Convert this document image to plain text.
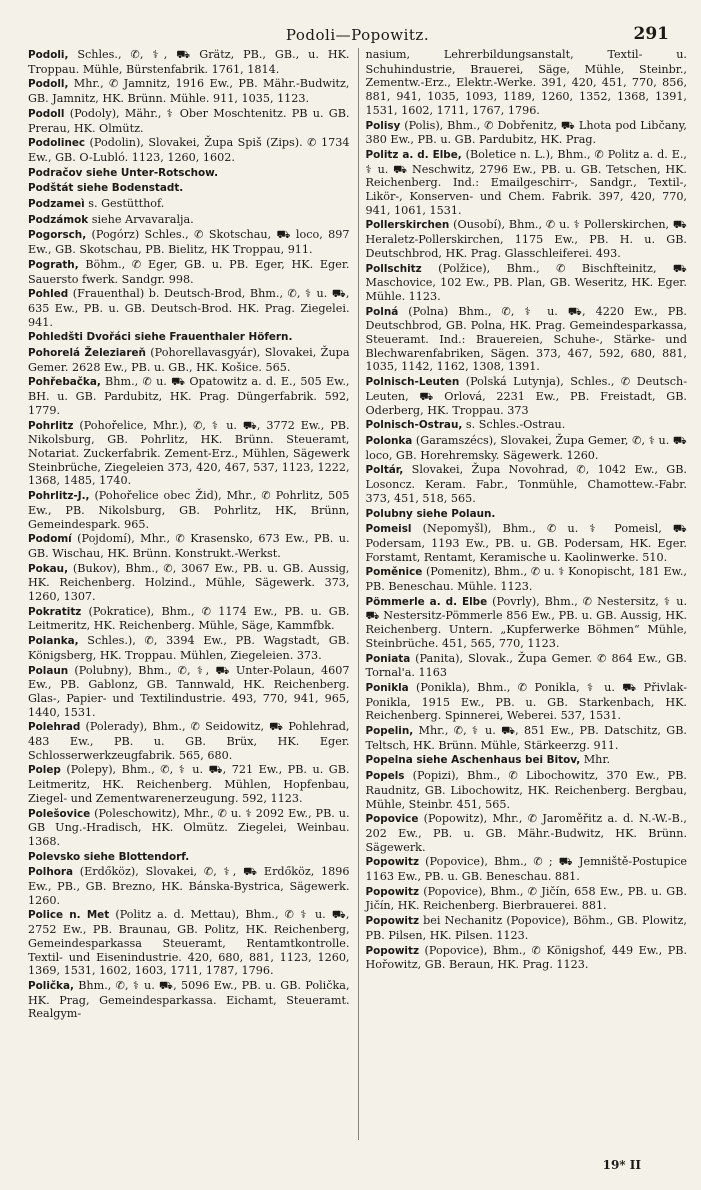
Podoli—Popowitz.	291

Podoli, Schles., ✆, ⚕, ⛟ Grätz, PB., GB., u. HK. Troppau. Mühle, Bürstenfabrik. 1761, 1814.

Podoll, Mhr., ✆ Jamnitz, 1916 Ew., PB. Mähr.-Budwitz, GB. Jamnitz, HK. Brünn. Mühle. 911, 1035, 1123.

Podoll (Podoly), Mähr., ⚕ Ober Moschtenitz. PB u. GB. Prerau, HK. Olmütz.

Podolinec (Podolin), Slovakei, Župa Spiš (Zips). ✆ 1734 Ew., GB. O-Lubló. 1123, 1260, 1602.

Podračov siehe Unter-Rotschow.

Podštát siehe Bodenstadt.

Podzameì s. Gestütthof.

Podzámok siehe Arvavaralja.

Pogorsch, (Pogórz) Schles., ✆ Skotschau, ⛟ loco, 897 Ew., GB. Skotschau, PB. Bielitz, HK Troppau, 911.

Pograth, Böhm., ✆ Eger, GB. u. PB. Eger, HK. Eger. Sauersto fwerk. Sandgr. 998.

Pohled (Frauenthal) b. Deutsch-Brod, Bhm., ✆, ⚕ u. ⛟, 635 Ew., PB. u. GB. Deutsch-Brod. HK. Prag. Ziegelei. 941.

Pohledšti Dvořáci siehe Frauenthaler Höfern.

Pohorelá Železiareň (Pohorellavasgyár), Slovakei, Župa Gemer. 2628 Ew., PB. u. GB., HK. Košice. 565.

Pohřebačka, Bhm., ✆ u. ⛟ Opatowitz a. d. E., 505 Ew., BH. u. GB. Pardubitz, HK. Prag. Düngerfabrik. 592, 1779.

Pohrlitz (Pohořelice, Mhr.), ✆, ⚕ u. ⛟, 3772 Ew., PB. Nikolsburg, GB. Pohrlitz, HK. Brünn. Steueramt, Notariat. Zuckerfabrik. Zement-Erz., Mühlen, Sägewerk Steinbrüche, Ziegeleien 373, 420, 467, 537, 1123, 1222, 1368, 1485, 1740.

Pohrlitz-J., (Pohořelice obec Žid), Mhr., ✆ Pohrlitz, 505 Ew., PB. Nikolsburg, GB. Pohrlitz, HK, Brünn, Gemeindespark. 965.

Podomí (Pojdomí), Mhr., ✆ Krasensko, 673 Ew., PB. u. GB. Wischau, HK. Brünn. Konstrukt.-Werkst.

Pokau, (Bukov), Bhm., ✆, 3067 Ew., PB. u. GB. Aussig, HK. Reichenberg. Holzind., Mühle, Sägewerk. 373, 1260, 1307.

Pokratitz (Pokratice), Bhm., ✆ 1174 Ew., PB. u. GB. Leitmeritz, HK. Reichenberg. Mühle, Säge, Kammfbk.

Polanka, Schles.), ✆, 3394 Ew., PB. Wagstadt, GB. Königsberg, HK. Troppau. Mühlen, Ziegeleien. 373.

Polaun (Polubny), Bhm., ✆, ⚕, ⛟ Unter-Polaun, 4607 Ew., PB. Gablonz, GB. Tannwald, HK. Reichenberg. Glas-, Papier- und Textilindustrie. 493, 770, 941, 965, 1440, 1531.

Polehrad (Polerady), Bhm., ✆ Seidowitz, ⛟ Pohlehrad, 483 Ew., PB. u. GB. Brüx, HK. Eger. Schlosserwerkzeugfabrik. 565, 680.

Polep (Polepy), Bhm., ✆, ⚕ u. ⛟, 721 Ew., PB. u. GB. Leitmeritz, HK. Reichenberg. Mühlen, Hopfenbau, Ziegel- und Zementwarenerzeugung. 592, 1123.

Polešovice (Poleschowitz), Mhr., ✆ u. ⚕ 2092 Ew., PB. u. GB Ung.-Hradisch, HK. Olmütz. Ziegelei, Weinbau. 1368.

Polevsko siehe Blottendorf.

Polhora (Erdőköz), Slovakei, ✆, ⚕, ⛟ Erdőköz, 1896 Ew., PB., GB. Brezno, HK. Bánska-Bystrica, Sägewerk. 1260.

Police n. Met (Politz a. d. Mettau), Bhm., ✆ ⚕ u. ⛟, 2752 Ew., PB. Braunau, GB. Politz, HK. Reichenberg, Gemeindesparkassa Steueramt, Rentamtkontrolle. Textil- und Eisenindustrie. 420, 680, 881, 1123, 1260, 1369, 1531, 1602, 1603, 1711, 1787, 1796.

Polička, Bhm., ✆, ⚕ u. ⛟, 5096 Ew., PB. u. GB. Polička, HK. Prag, Gemeindesparkassa. Eichamt, Steueramt. Realgym-

nasium, Lehrerbildungsanstalt, Textil- u. Schuhindustrie, Brauerei, Säge, Mühle, Steinbr., Zementw.-Erz., Elektr.-Werke. 391, 420, 451, 770, 856, 881, 941, 1035, 1093, 1189, 1260, 1352, 1368, 1391, 1531, 1602, 1711, 1767, 1796.

Polisy (Polis), Bhm., ✆ Dobřenitz, ⛟ Lhota pod Libčany, 380 Ew., PB. u. GB. Pardubitz, HK. Prag.

Politz a. d. Elbe, (Boletice n. L.), Bhm., ✆ Politz a. d. E., ⚕ u. ⛟ Neschwitz, 2796 Ew., PB. u. GB. Tetschen, HK. Reichenberg. Ind.: Emailgeschirr-, Sandgr., Textil-, Likör-, Konserven- und Chem. Fabrik. 397, 420, 770, 941, 1061, 1531.

Pollerskirchen (Ousobí), Bhm., ✆ u. ⚕ Pollerskirchen, ⛟ Heraletz-Pollerskirchen, 1175 Ew., PB. H. u. GB. Deutschbrod, HK. Prag. Glasschleiferei. 493.

Pollschitz (Polžice), Bhm., ✆ Bischfteinitz, ⛟ Maschovice, 102 Ew., PB. Plan, GB. Weseritz, HK. Eger. Mühle. 1123.

Polná (Polna) Bhm., ✆, ⚕ u. ⛟, 4220 Ew., PB. Deutschbrod, GB. Polna, HK. Prag. Gemeindesparkassa, Steueramt. Ind.: Brauereien, Schuhe-, Stärke- und Blechwarenfabriken, Sägen. 373, 467, 592, 680, 881, 1035, 1142, 1162, 1308, 1391.

Polnisch-Leuten (Polská Lutynja), Schles., ✆ Deutsch-Leuten, ⛟ Orlová, 2231 Ew., PB. Freistadt, GB. Oderberg, HK. Troppau. 373

Polnisch-Ostrau, s. Schles.-Ostrau.

Polonka (Garamszécs), Slovakei, Župa Gemer, ✆, ⚕ u. ⛟ loco, GB. Horehremsky. Sägewerk. 1260.

Poltár, Slovakei, Župa Novohrad, ✆, 1042 Ew., GB. Losoncz. Keram. Fabr., Tonmühle, Chamottew.-Fabr. 373, 451, 518, 565.

Polubny siehe Polaun.

Pomeisl (Nepomyšl), Bhm., ✆ u. ⚕ Pomeisl, ⛟ Podersam, 1193 Ew., PB. u. GB. Podersam, HK. Eger. Forstamt, Rentamt, Keramische u. Kaolinwerke. 510.

Poměnice (Pomenitz), Bhm., ✆ u. ⚕ Konopischt, 181 Ew., PB. Beneschau. Mühle. 1123.

Pömmerle a. d. Elbe (Povrly), Bhm., ✆ Nestersitz, ⚕ u. ⛟ Nestersitz-Pömmerle 856 Ew., PB. u. GB. Aussig, HK. Reichenberg. Untern. „Kupferwerke Böhmen“ Mühle, Steinbrüche. 451, 565, 770, 1123.

Poniata (Panita), Slovak., Župa Gemer. ✆ 864 Ew., GB. Tornal'a. 1163

Ponikla (Ponikla), Bhm., ✆ Ponikla, ⚕ u. ⛟ Přivlak-Ponikla, 1915 Ew., PB. u. GB. Starkenbach, HK. Reichenberg. Spinnerei, Weberei. 537, 1531.

Popelin, Mhr., ✆, ⚕ u. ⛟, 851 Ew., PB. Datschitz, GB. Teltsch, HK. Brünn. Mühle, Stärkeerzg. 911.

Popelna siehe Aschenhaus bei Bitov, Mhr.

Popels (Popizi), Bhm., ✆ Libochowitz, 370 Ew., PB. Raudnitz, GB. Libochowitz, HK. Reichenberg. Bergbau, Mühle, Steinbr. 451, 565.

Popovice (Popowitz), Mhr., ✆ Jaroměřitz a. d. N.-W.-B., 202 Ew., PB. u. GB. Mähr.-Budwitz, HK. Brünn. Sägewerk.

Popowitz (Popovice), Bhm., ✆ ; ⛟ Jemniště-Postupice 1163 Ew., PB. u. GB. Beneschau. 881.

Popowitz (Popovice), Bhm., ✆ Jičín, 658 Ew., PB. u. GB. Jičín, HK. Reichenberg. Bierbrauerei. 881.

Popowitz bei Nechanitz (Popovice), Böhm., GB. Plowitz, PB. Pilsen, HK. Pilsen. 1123.

Popowitz (Popovice), Bhm., ✆ Königshof, 449 Ew., PB. Hořowitz, GB. Beraun, HK. Prag. 1123.

19* II
